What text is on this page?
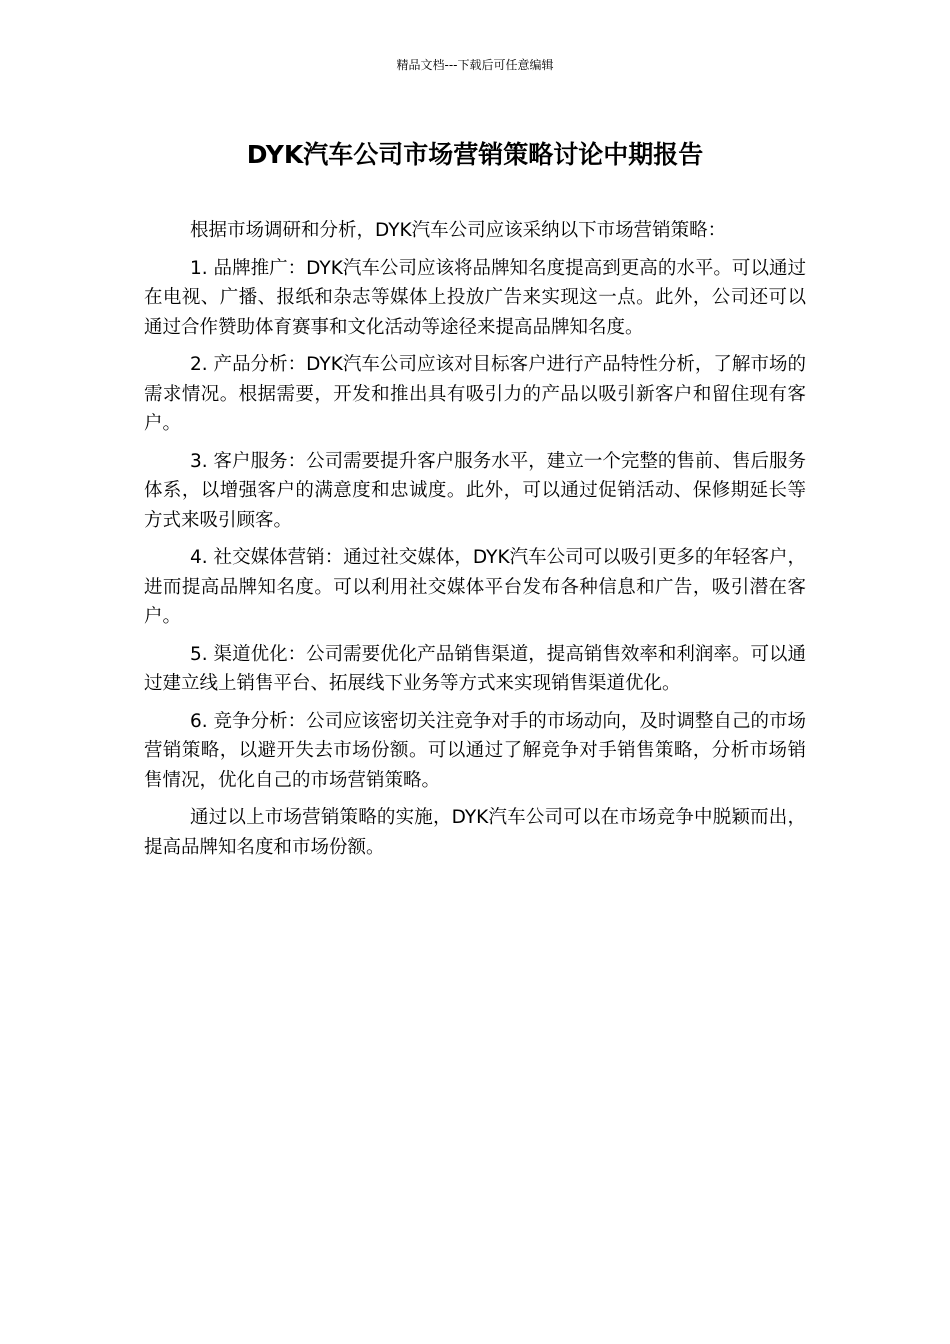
精品文档---下载后可任意编辑
DYK汽车公司市场营销策略讨论中期报告

根据市场调研和分析，DYK汽车公司应该采纳以下市场营销策略：

1. 品牌推广：DYK汽车公司应该将品牌知名度提高到更高的水平。可以通过在电视、广播、报纸和杂志等媒体上投放广告来实现这一点。此外，公司还可以通过合作赞助体育赛事和文化活动等途径来提高品牌知名度。

2. 产品分析：DYK汽车公司应该对目标客户进行产品特性分析，了解市场的需求情况。根据需要，开发和推出具有吸引力的产品以吸引新客户和留住现有客户。

3. 客户服务：公司需要提升客户服务水平，建立一个完整的售前、售后服务体系，以增强客户的满意度和忠诚度。此外，可以通过促销活动、保修期延长等方式来吸引顾客。

4. 社交媒体营销：通过社交媒体，DYK汽车公司可以吸引更多的年轻客户，进而提高品牌知名度。可以利用社交媒体平台发布各种信息和广告，吸引潜在客户。

5. 渠道优化：公司需要优化产品销售渠道，提高销售效率和利润率。可以通过建立线上销售平台、拓展线下业务等方式来实现销售渠道优化。

6. 竞争分析：公司应该密切关注竞争对手的市场动向，及时调整自己的市场营销策略，以避开失去市场份额。可以通过了解竞争对手销售策略，分析市场销售情况，优化自己的市场营销策略。

通过以上市场营销策略的实施，DYK汽车公司可以在市场竞争中脱颖而出，提高品牌知名度和市场份额。
